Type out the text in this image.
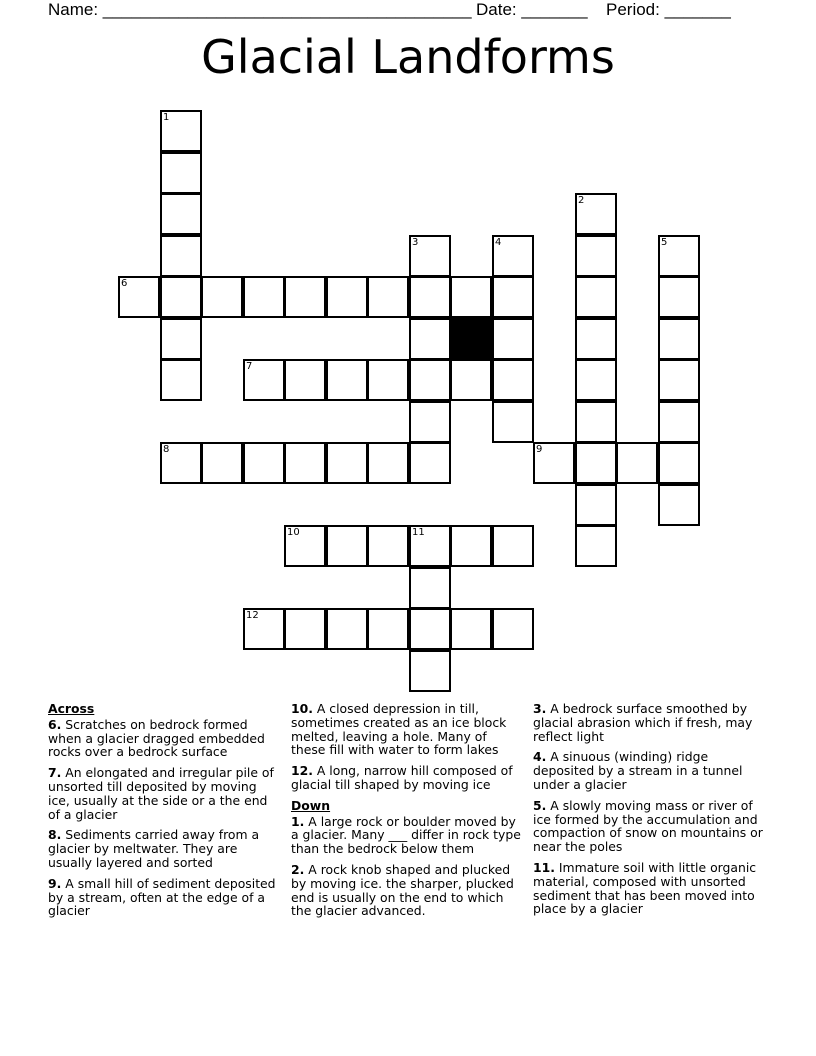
Name: _______________________________________ Date: _______ Period: _______
Glacial Landforms
1
2
3	4	5
6
7
8	9
10	11
12
Across
6. Scratches on bedrock formed when a glacier dragged embedded rocks over a bedrock surface
7. An elongated and irregular pile of unsorted till deposited by moving ice, usually at the side or a the end of a glacier
8. Sediments carried away from a glacier by meltwater. They are usually layered and sorted
9. A small hill of sediment deposited by a stream, often at the edge of a glacier
10. A closed depression in till, sometimes created as an ice block melted, leaving a hole. Many of these fill with water to form lakes
12. A long, narrow hill composed of glacial till shaped by moving ice
Down
1. A large rock or boulder moved by a glacier. Many ___ differ in rock type than the bedrock below them
2. A rock knob shaped and plucked by moving ice. the sharper, plucked end is usually on the end to which the glacier advanced.
3. A bedrock surface smoothed by glacial abrasion which if fresh, may reflect light
4. A sinuous (winding) ridge deposited by a stream in a tunnel under a glacier
5. A slowly moving mass or river of ice formed by the accumulation and compaction of snow on mountains or near the poles
11. Immature soil with little organic material, composed with unsorted sediment that has been moved into place by a glacier
